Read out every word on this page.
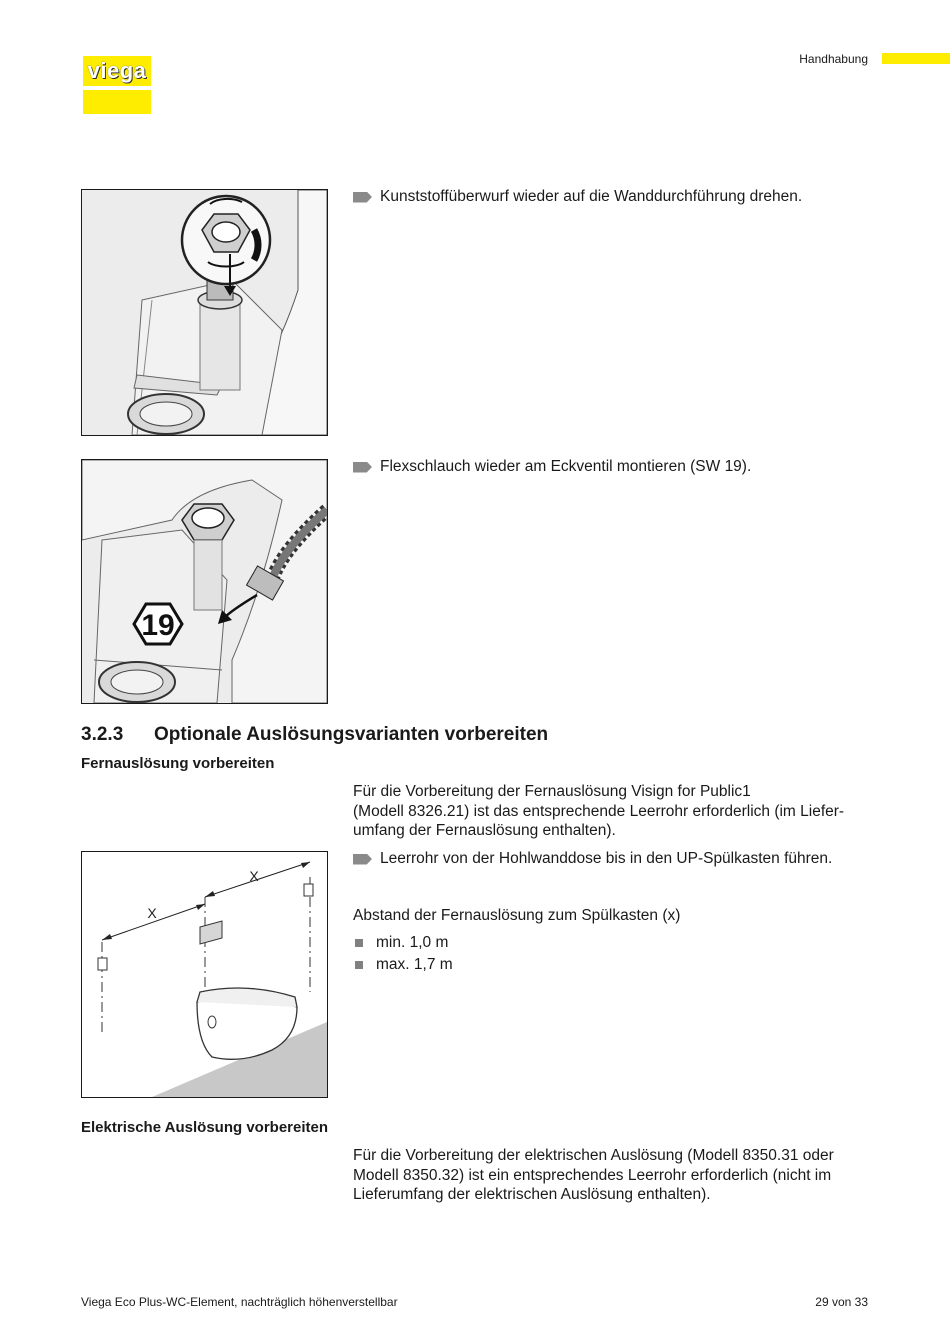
viega	Handhabung
Kunststoffüberwurf wieder auf die Wanddurchführung drehen.
19
Flexschlauch wieder am Eckventil montieren (SW 19).
3.2.3 Optionale Auslösungsvarianten vorbereiten
Fernauslösung vorbereiten
Für die Vorbereitung der Fernauslösung Visign for Public1
(Modell 8326.21) ist das entsprechende Leerrohr erforderlich (im Liefer-
umfang der Fernauslösung enthalten).
X
X
Leerrohr von der Hohlwanddose bis in den UP-Spülkasten führen.
Abstand der Fernauslösung zum Spülkasten (x)
min. 1,0 m
max. 1,7 m
Elektrische Auslösung vorbereiten
Für die Vorbereitung der elektrischen Auslösung (Modell 8350.31 oder
Modell 8350.32) ist ein entsprechendes Leerrohr erforderlich (nicht im
Lieferumfang der elektrischen Auslösung enthalten).
Viega Eco Plus-WC-Element, nachträglich höhenverstellbar	29 von 33
